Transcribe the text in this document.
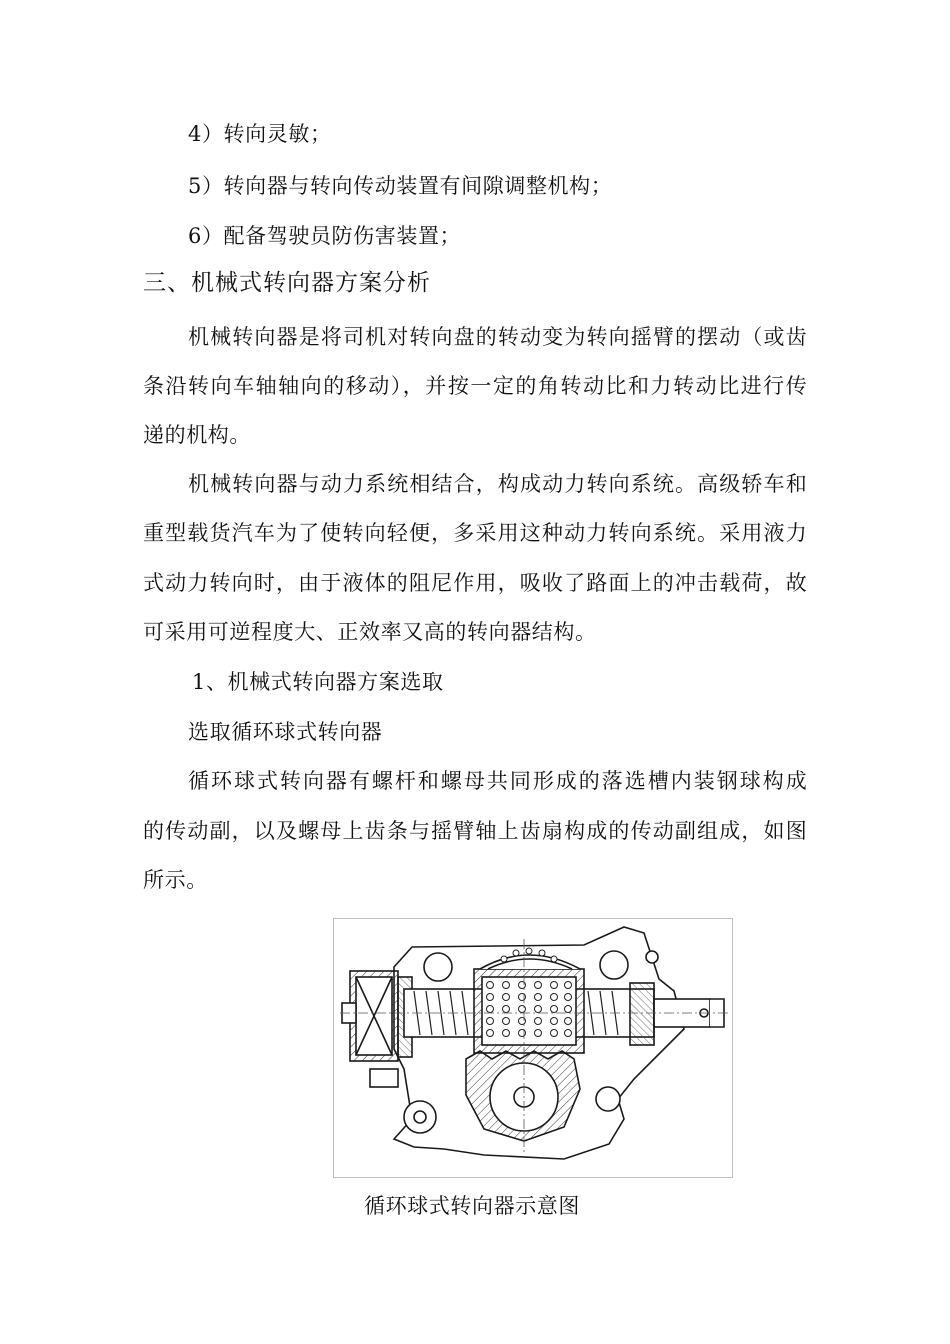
4）转向灵敏；
5）转向器与转向传动装置有间隙调整机构；
6）配备驾驶员防伤害装置；
三、机械式转向器方案分析
机械转向器是将司机对转向盘的转动变为转向摇臂的摆动（或齿
条沿转向车轴轴向的移动），并按一定的角转动比和力转动比进行传
递的机构。
机械转向器与动力系统相结合，构成动力转向系统。高级轿车和
重型载货汽车为了使转向轻便，多采用这种动力转向系统。采用液力
式动力转向时，由于液体的阻尼作用，吸收了路面上的冲击载荷，故
可采用可逆程度大、正效率又高的转向器结构。
1、机械式转向器方案选取
选取循环球式转向器
循环球式转向器有螺杆和螺母共同形成的落选槽内装钢球构成
的传动副，以及螺母上齿条与摇臂轴上齿扇构成的传动副组成，如图
所示。
循环球式转向器示意图
